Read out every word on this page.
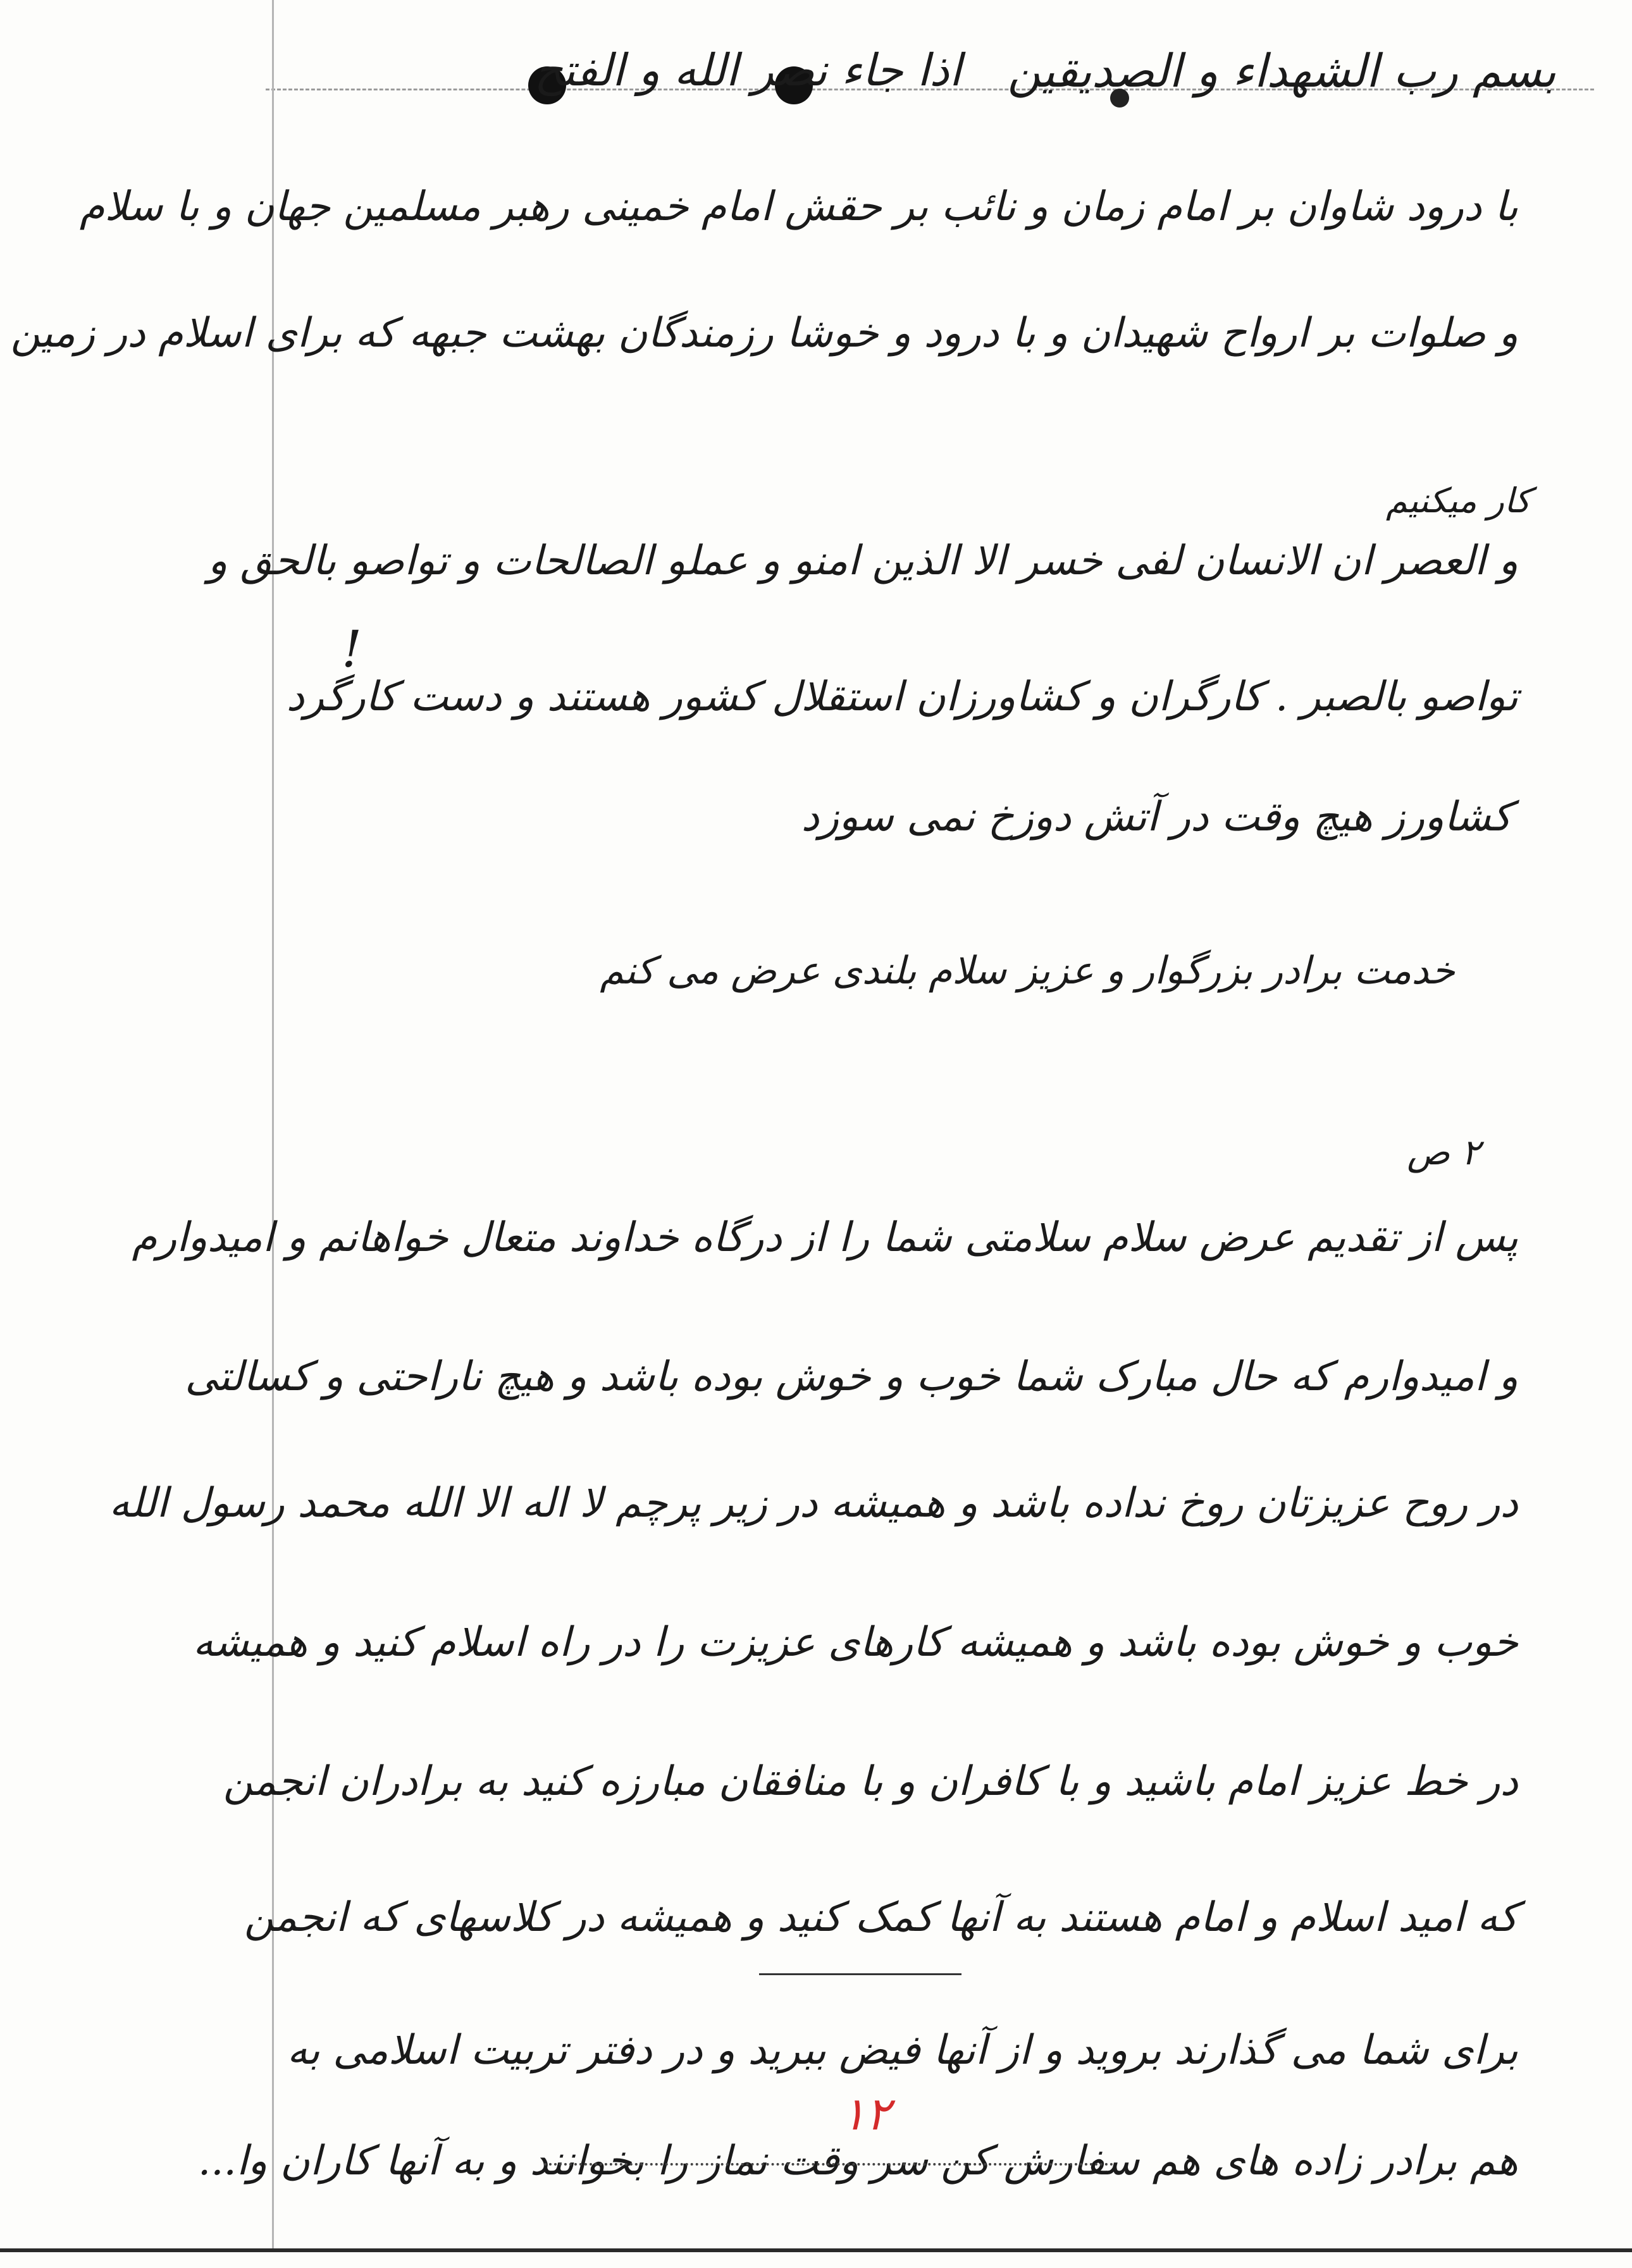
اذا جاء نصر الله و الفتح بسم رب الشهداء و الصدیقین
با درود شاوان بر امام زمان و نائب بر حقش امام خمینی رهبر مسلمین جهان و با سلام
و صلوات بر ارواح شهیدان و با درود و خوشا رزمندگان بهشت جبهه که برای اسلام در زمین
کار میکنیم
و العصر ان الانسان لفی خسر الا الذین امنو و عملو الصالحات و تواصو بالحق و
!
تواصو بالصبر . کارگران و کشاورزان استقلال کشور هستند و دست کارگرد
کشاورز هیچ وقت در آتش دوزخ نمی سوزد
خدمت برادر بزرگوار و عزیز سلام بلندی عرض می کنم
۲ ص
پس از تقدیم عرض سلام سلامتی شما را از درگاه خداوند متعال خواهانم و امیدوارم
و امیدوارم که حال مبارک شما خوب و خوش بوده باشد و هیچ ناراحتی و کسالتی
در روح عزیزتان روخ نداده باشد و همیشه در زیر پرچم لا اله الا الله محمد رسول الله
خوب و خوش بوده باشد و همیشه کارهای عزیزت را در راه اسلام کنید و همیشه
در خط عزیز امام باشید و با کافران و با منافقان مبارزه کنید به برادران انجمن
که امید اسلام و امام هستند به آنها کمک کنید و همیشه در کلاسهای که انجمن
برای شما می گذارند بروید و از آنها فیض ببرید و در دفتر تربیت اسلامی به
۱۲
هم برادر زاده های هم سفارش کن سر وقت نماز را بخوانند و به آنها کاران وا...
